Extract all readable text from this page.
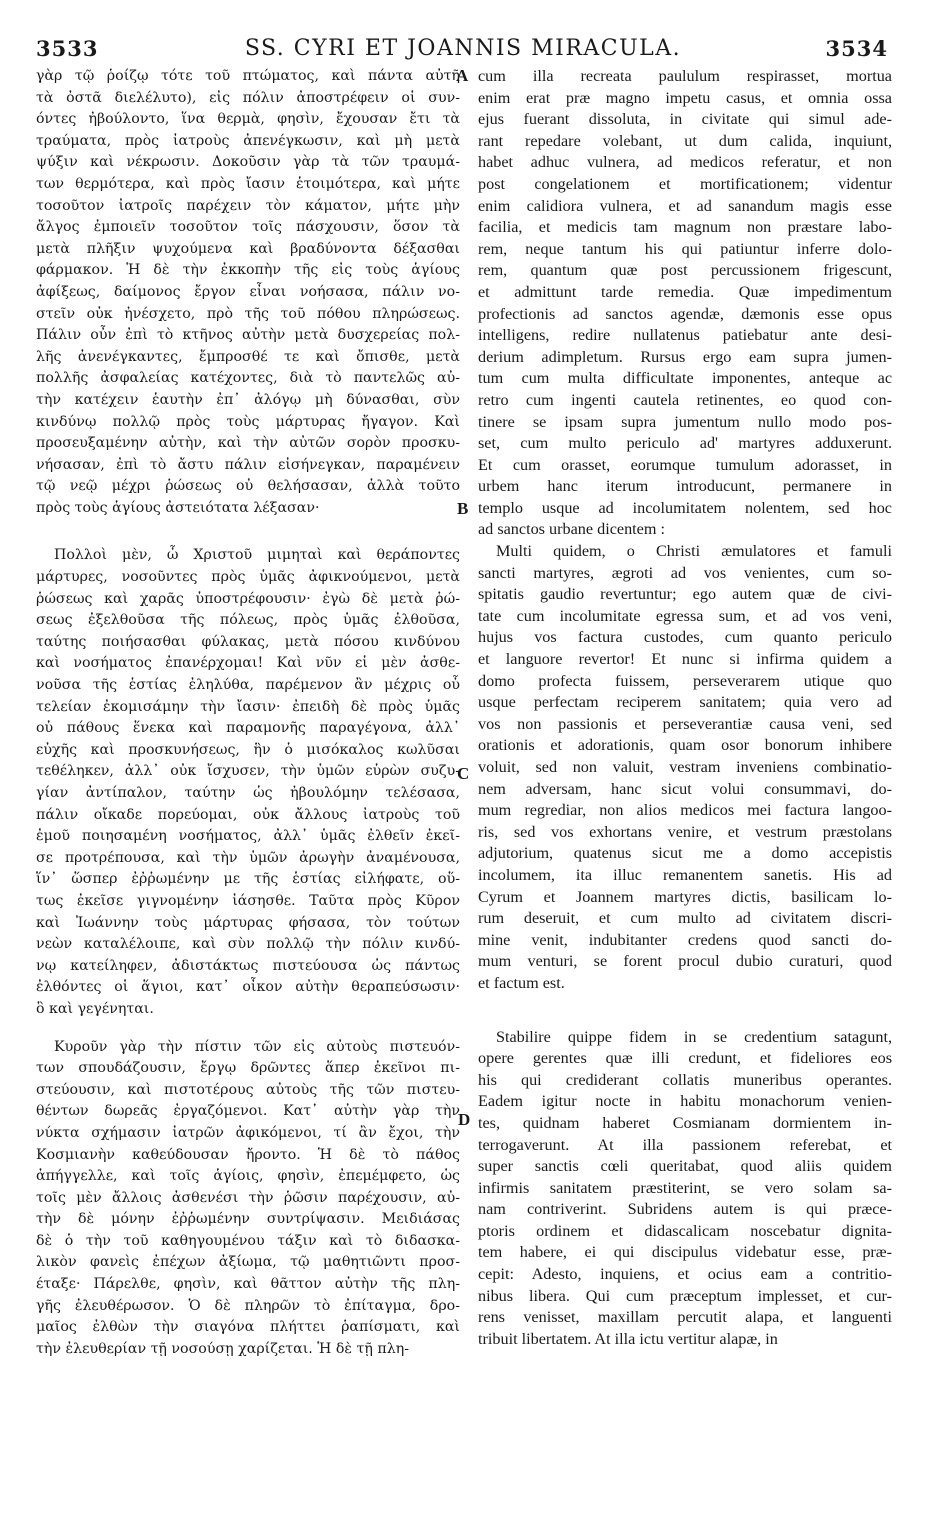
3533	SS. CYRI ET JOANNIS MIRACULA.	3534
γὰρ τῷ ῥοίζῳ τότε τοῦ πτώματος, καὶ πάντα αὐτῆ
τὰ ὀστᾶ διελέλυτο), εἰς πόλιν ἀποστρέφειν οἱ συν-
όντες ἠβούλοντο, ἵνα θερμὰ, φησὶν, ἔχουσαν ἔτι τὰ
τραύματα, πρὸς ἰατροὺς ἀπενέγκωσιν, καὶ μὴ μετὰ
ψύξιν καὶ νέκρωσιν. Δοκοῦσιν γὰρ τὰ τῶν τραυμά-
των θερμότερα, καὶ πρὸς ἴασιν ἑτοιμότερα, καὶ μήτε
τοσοῦτον ἰατροῖς παρέχειν τὸν κάματον, μήτε μὴν
ἄλγος ἐμποιεῖν τοσοῦτον τοῖς πάσχουσιν, ὅσον τὰ
μετὰ πλῆξιν ψυχούμενα καὶ βραδύνοντα δέξασθαι
φάρμακον. Ἡ δὲ τὴν ἐκκοπὴν τῆς εἰς τοὺς ἁγίους
ἀφίξεως, δαίμονος ἔργον εἶναι νοήσασα, πάλιν νο-
στεῖν οὐκ ἠνέσχετο, πρὸ τῆς τοῦ πόθου πληρώσεως.
Πάλιν οὖν ἐπὶ τὸ κτῆνος αὐτὴν μετὰ δυσχερείας πολ-
λῆς ἀνενέγκαντες, ἔμπροσθέ τε καὶ ὄπισθε, μετὰ
πολλῆς ἀσφαλείας κατέχοντες, διὰ τὸ παντελῶς αὐ-
τὴν κατέχειν ἑαυτὴν ἐπ᾽ ἀλόγῳ μὴ δύνασθαι, σὺν
κινδύνῳ πολλῷ πρὸς τοὺς μάρτυρας ἤγαγον. Καὶ
προσευξαμένην αὐτὴν, καὶ τὴν αὐτῶν σορὸν προσκυ-
νήσασαν, ἐπὶ τὸ ἄστυ πάλιν εἰσήνεγκαν, παραμένειν
τῷ νεῷ μέχρι ῥώσεως οὐ θελήσασαν, ἀλλὰ τοῦτο
πρὸς τοὺς ἁγίους ἀστειότατα λέξασαν·
Πολλοὶ μὲν, ὦ Χριστοῦ μιμηταὶ καὶ θεράποντες
μάρτυρες, νοσοῦντες πρὸς ὑμᾶς ἀφικνούμενοι, μετὰ
ῥώσεως καὶ χαρᾶς ὑποστρέφουσιν· ἐγὼ δὲ μετὰ ῥώ-
σεως ἐξελθοῦσα τῆς πόλεως, πρὸς ὑμᾶς ἐλθοῦσα,
ταύτης ποιήσασθαι φύλακας, μετὰ πόσου κινδύνου
καὶ νοσήματος ἐπανέρχομαι! Καὶ νῦν εἰ μὲν ἀσθε-
νοῦσα τῆς ἑστίας ἐληλύθα, παρέμενον ἂν μέχρις οὗ
τελείαν ἐκομισάμην τὴν ἴασιν· ἐπειδὴ δὲ πρὸς ὑμᾶς
οὐ πάθους ἕνεκα καὶ παραμονῆς παραγέγονα, ἀλλ᾽
εὐχῆς καὶ προσκυνήσεως, ἣν ὁ μισόκαλος κωλῦσαι
τεθέληκεν, ἀλλ᾽ οὐκ ἴσχυσεν, τὴν ὑμῶν εὑρὼν συζυ-
γίαν ἀντίπαλον, ταύτην ὡς ἠβουλόμην τελέσασα,
πάλιν οἴκαδε πορεύομαι, οὐκ ἄλλους ἰατροὺς τοῦ
ἐμοῦ ποιησαμένη νοσήματος, ἀλλ᾽ ὑμᾶς ἐλθεῖν ἐκεῖ-
σε προτρέπουσα, καὶ τὴν ὑμῶν ἀρωγὴν ἀναμένουσα,
ἵν᾽ ὥσπερ ἐῤῥωμένην με τῆς ἑστίας εἰλήφατε, οὕ-
τως ἐκεῖσε γιγνομένην ἰάσησθε. Ταῦτα πρὸς Κῦρον
καὶ Ἰωάννην τοὺς μάρτυρας φήσασα, τὸν τούτων
νεὼν καταλέλοιπε, καὶ σὺν πολλῷ τὴν πόλιν κινδύ-
νῳ κατείληφεν, ἀδιστάκτως πιστεύουσα ὡς πάντως
ἐλθόντες οἱ ἅγιοι, κατ᾽ οἶκον αὐτὴν θεραπεύσωσιν·
ὃ καὶ γεγένηται.
Κυροῦν γὰρ τὴν πίστιν τῶν εἰς αὐτοὺς πιστευόν-
των σπουδάζουσιν, ἔργῳ δρῶντες ἅπερ ἐκεῖνοι πι-
στεύουσιν, καὶ πιστοτέρους αὐτοὺς τῆς τῶν πιστευ-
θέντων δωρεᾶς ἐργαζόμενοι. Κατ᾽ αὐτὴν γὰρ τὴν
νύκτα σχήμασιν ἰατρῶν ἀφικόμενοι, τί ἂν ἔχοι, τὴν
Κοσμιανὴν καθεύδουσαν ἤροντο. Ἡ δὲ τὸ πάθος
ἀπήγγελλε, καὶ τοῖς ἁγίοις, φησὶν, ἐπεμέμφετο, ὡς
τοῖς μὲν ἄλλοις ἀσθενέσι τὴν ῥῶσιν παρέχουσιν, αὐ-
τὴν δὲ μόνην ἐῤῥωμένην συντρίψασιν. Μειδιάσας
δὲ ὁ τὴν τοῦ καθηγουμένου τάξιν καὶ τὸ διδασκα-
λικὸν φανεὶς ἐπέχων ἀξίωμα, τῷ μαθητιῶντι προσ-
έταξε· Πάρελθε, φησὶν, καὶ θᾶττον αὐτὴν τῆς πλη-
γῆς ἐλευθέρωσον. Ὁ δὲ πληρῶν τὸ ἐπίταγμα, δρο-
μαῖος ἐλθὼν τὴν σιαγόνα πλήττει ῥαπίσματι, καὶ
τὴν ἐλευθερίαν τῇ νοσούσῃ χαρίζεται. Ἡ δὲ τῇ πλη-
cum illa recreata paululum respirasset, mortua
enim erat præ magno impetu casus, et omnia ossa
ejus fuerant dissoluta, in civitate qui simul ade-
rant repedare volebant, ut dum calida, inquiunt,
habet adhuc vulnera, ad medicos referatur, et non
post congelationem et mortificationem; videntur
enim calidiora vulnera, et ad sanandum magis esse
facilia, et medicis tam magnum non præstare labo-
rem, neque tantum his qui patiuntur inferre dolo-
rem, quantum quæ post percussionem frigescunt,
et admittunt tarde remedia. Quæ impedimentum
profectionis ad sanctos agendæ, dæmonis esse opus
intelligens, redire nullatenus patiebatur ante desi-
derium adimpletum. Rursus ergo eam supra jumen-
tum cum multa difficultate imponentes, anteque ac
retro cum ingenti cautela retinentes, eo quod con-
tinere se ipsam supra jumentum nullo modo pos-
set, cum multo periculo ad' martyres adduxerunt.
Et cum orasset, eorumque tumulum adorasset, in
urbem hanc iterum introducunt, permanere in
templo usque ad incolumitatem nolentem, sed hoc
ad sanctos urbane dicentem :
Multi quidem, o Christi æmulatores et famuli
sancti martyres, ægroti ad vos venientes, cum so-
spitatis gaudio revertuntur; ego autem quæ de civi-
tate cum incolumitate egressa sum, et ad vos veni,
hujus vos factura custodes, cum quanto periculo
et languore revertor! Et nunc si infirma quidem a
domo profecta fuissem, perseverarem utique quo
usque perfectam reciperem sanitatem; quia vero ad
vos non passionis et perseverantiæ causa veni, sed
orationis et adorationis, quam osor bonorum inhibere
voluit, sed non valuit, vestram inveniens combinatio-
nem adversam, hanc sicut volui consummavi, do-
mum regrediar, non alios medicos mei factura langoo-
ris, sed vos exhortans venire, et vestrum præstolans
adjutorium, quatenus sicut me a domo accepistis
incolumem, ita illuc remanentem sanetis. His ad
Cyrum et Joannem martyres dictis, basilicam lo-
rum deseruit, et cum multo ad civitatem discri-
mine venit, indubitanter credens quod sancti do-
mum venturi, se forent procul dubio curaturi, quod
et factum est.
Stabilire quippe fidem in se credentium satagunt,
opere gerentes quæ illi credunt, et fideliores eos
his qui crediderant collatis muneribus operantes.
Eadem igitur nocte in habitu monachorum venien-
tes, quidnam haberet Cosmianam dormientem in-
terrogaverunt. At illa passionem referebat, et
super sanctis cœli queritabat, quod aliis quidem
infirmis sanitatem præstiterint, se vero solam sa-
nam contriverint. Subridens autem is qui præce-
ptoris ordinem et didascalicam noscebatur dignita-
tem habere, ei qui discipulus videbatur esse, præ-
cepit: Adesto, inquiens, et ocius eam a contritio-
nibus libera. Qui cum præceptum implesset, et cur-
rens venisset, maxillam percutit alapa, et languenti
tribuit libertatem. At illa ictu vertitur alapæ, in
A
B
C
D
